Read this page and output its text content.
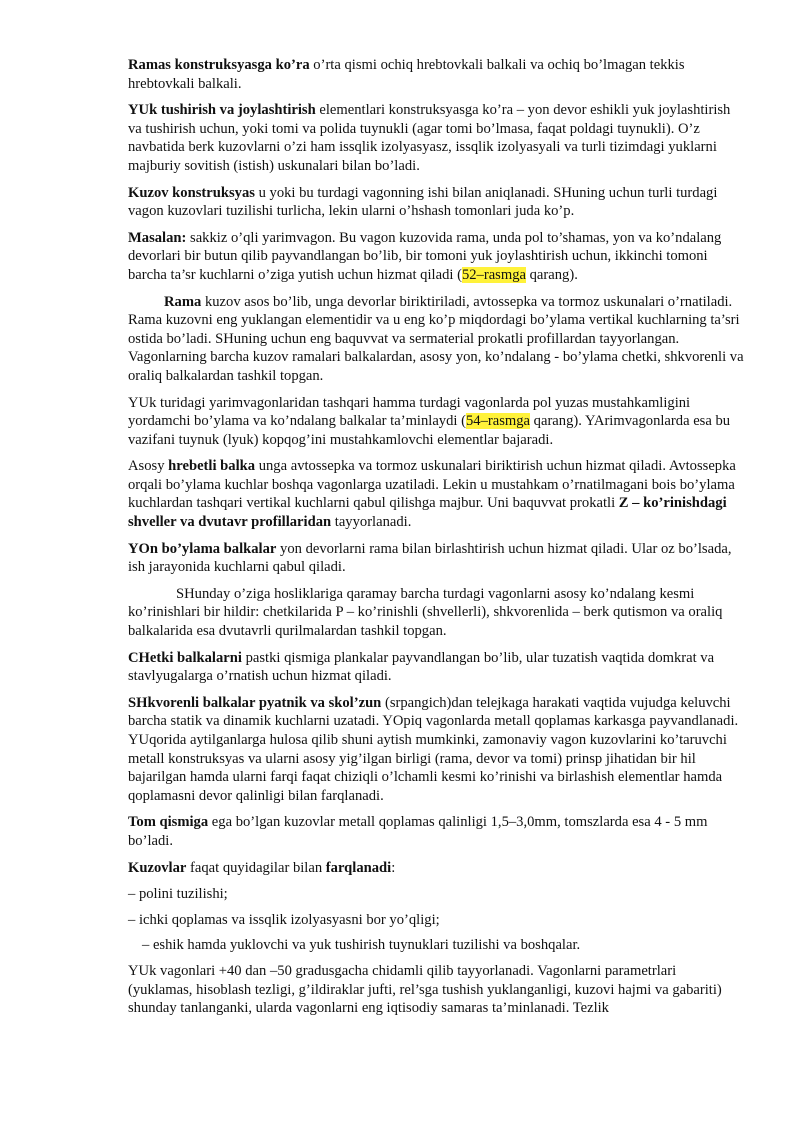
Ramas konstruksyasga ko’ra o’rta qismi ochiq hrebtovkali balkali va ochiq bo’lmagan tekkis hrebtovkali balkali.

YUk tushirish va joylashtirish elementlari konstruksyasga ko’ra – yon devor eshikli yuk joylashtirish va tushirish uchun, yoki tomi va polida tuynukli (agar tomi bo’lmasa, faqat poldagi tuynukli). O’z navbatida berk kuzovlarni o’zi ham issqlik izolyasyasz, issqlik izolyasyali va turli tizimdagi yuklarni majburiy sovitish (istish) uskunalari bilan bo’ladi.

Kuzov konstruksyas u yoki bu turdagi vagonning ishi bilan aniqlanadi. SHuning uchun turli turdagi vagon kuzovlari tuzilishi turlicha, lekin ularni o’hshash tomonlari juda ko’p.

Masalan: sakkiz o’qli yarimvagon. Bu vagon kuzovida rama, unda pol to’shamas, yon va ko’ndalang devorlari bir butun qilib payvandlangan bo’lib, bir tomoni yuk joylashtirish uchun, ikkinchi tomoni barcha ta’sr kuchlarni o’ziga yutish uchun hizmat qiladi (52–rasmga qarang).

Rama kuzov asos bo’lib, unga devorlar biriktiriladi, avtossepka va tormoz uskunalari o’rnatiladi. Rama kuzovni eng yuklangan elementidir va u eng ko’p miqdordagi bo’ylama vertikal kuchlarning ta’sri ostida bo’ladi. SHuning uchun eng baquvvat va sermaterial prokatli profillardan tayyorlangan. Vagonlarning barcha kuzov ramalari balkalardan, asosy yon, ko’ndalang - bo’ylama chetki, shkvorenli va oraliq balkalardan tashkil topgan.

YUk turidagi yarimvagonlaridan tashqari hamma turdagi vagonlarda pol yuzas mustahkamligini yordamchi bo’ylama va ko’ndalang balkalar ta’minlaydi (54–rasmga qarang). YArimvagonlarda esa bu vazifani tuynuk (lyuk) kopqog’ini mustahkamlovchi elementlar bajaradi.

Asosy hrebetli balka unga avtossepka va tormoz uskunalari biriktirish uchun hizmat qiladi. Avtossepka orqali bo’ylama kuchlar boshqa vagonlarga uzatiladi. Lekin u mustahkam o’rnatilmagani bois bo’ylama kuchlardan tashqari vertikal kuchlarni qabul qilishga majbur. Uni baquvvat prokatli Z – ko’rinishdagi shveller va dvutavr profillaridan tayyorlanadi.

YOn bo’ylama balkalar yon devorlarni rama bilan birlashtirish uchun hizmat qiladi. Ular oz bo’lsada, ish jarayonida kuchlarni qabul qiladi.

SHunday o’ziga hosliklariga qaramay barcha turdagi vagonlarni asosy ko’ndalang kesmi ko’rinishlari bir hildir: chetkilarida P – ko’rinishli (shvellerli), shkvorenlida – berk qutismon va oraliq balkalarida esa dvutavrli qurilmalardan tashkil topgan.

CHetki balkalarni pastki qismiga plankalar payvandlangan bo’lib, ular tuzatish vaqtida domkrat va stavlyugalarga o’rnatish uchun hizmat qiladi.

SHkvorenli balkalar pyatnik va skol’zun (srpangich)dan telejkaga harakati vaqtida vujudga keluvchi barcha statik va dinamik kuchlarni uzatadi. YOpiq vagonlarda metall qoplamas karkasga payvandlanadi. YUqorida aytilganlarga hulosa qilib shuni aytish mumkinki, zamonaviy vagon kuzovlarini ko’taruvchi metall konstruksyas va ularni asosy yig’ilgan birligi (rama, devor va tomi) prinsp jihatidan bir hil bajarilgan hamda ularni farqi faqat chiziqli o’lchamli kesmi ko’rinishi va birlashish elementlar hamda qoplamasni devor qalinligi bilan farqlanadi.

Tom qismiga ega bo’lgan kuzovlar metall qoplamas qalinligi 1,5–3,0mm, tomszlarda esa 4 - 5 mm bo’ladi.

Kuzovlar faqat quyidagilar bilan farqlanadi:

– polini tuzilishi;

– ichki qoplamas va issqlik izolyasyasni bor yo’qligi;

– eshik hamda yuklovchi va yuk tushirish tuynuklari tuzilishi va boshqalar.

YUk vagonlari +40 dan –50 gradusgacha chidamli qilib tayyorlanadi. Vagonlarni parametrlari (yuklamas, hisoblash tezligi, g’ildiraklar jufti, rel’sga tushish yuklanganligi, kuzovi hajmi va gabariti) shunday tanlanganki, ularda vagonlarni eng iqtisodiy samaras ta’minlanadi. Tezlik
